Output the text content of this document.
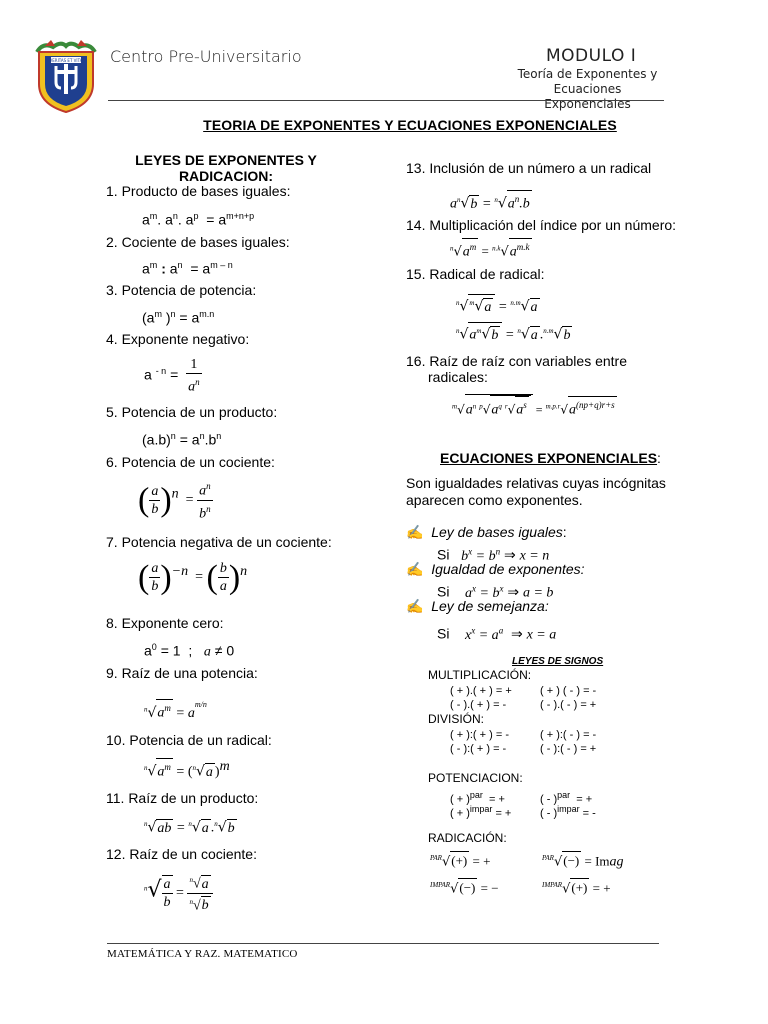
VERITAS ET VITA Centro Pre-Universitario	MODULO I
Teoría de Exponentes y
Ecuaciones Exponenciales
TEORIA DE EXPONENTES Y ECUACIONES EXPONENCIALES
LEYES DE EXPONENTES Y
RADICACION:
1. Producto de bases iguales:
$a^m$. $a^n$. $a^p = a^{m+n+p}$
2. Cociente de bases iguales:
$a^m$ : $a^n = a^{m - n}$
3. Potencia de potencia:
($a^m$ )$^n = a^{m.n}$
4. Exponente negativo:
a $^{- n} = \frac{1}{a^n}$
5. Potencia de un producto:
$(a.b)^n = a^n.b^n$
6. Potencia de un cociente:
( $\frac{a}{b} )^n = \frac{a^n}{b^n}$
7. Potencia negativa de un cociente:
( $\frac{a}{b} )^{-n}$  = ( $\frac{b}{a} )^n$
8. Exponente cero:
$a^0 = 1$  ;   a ≠ 0
9. Raíz de una potencia:
$^n√a^m = a^{m/n}$
10. Potencia de un radical:
$^n√a^m = (^n√a$ )$^m$
11. Raíz de un producto:
$^n$√ab = $^n$√a .$^n$√b
12. Raíz de un cociente:
$^n√ \frac{a}{b} = \frac{^n√a}{^n√b}$
13. Inclusión de un número a un radical
$a^n√b = ^n√a^n.b$
14. Multiplicación del índice por un número:
$^n√a^m = ^{n.k}√a^{m.k}$
15. Radical de radical:
$^n$√$^m$√a = $^{n.m}$√a
$^n√a^m√b = ^n√a$ .$^{n.m}$√b
16. Raíz de raíz con variables entre
radicales:
$^m√a^n$ $^p√a^q$ $^r√a^s = ^{m.p.r}√a^{(np+q)r+s}$
ECUACIONES EXPONENCIALES:
Son igualdades relativas cuyas incógnitas
aparecen como exponentes.
✍ Ley de bases iguales:
Si $b^x = b^n$ ⇒ x = n
✍ Igualdad de exponentes:
Si $a^x = b^x$ ⇒ a = b
✍ Ley de semejanza:
Si $x^x = a^a$  ⇒ x = a
LEYES DE SIGNOS
MULTIPLICACIÓN:
( + ).( + ) = +	( + ) ( - ) = -
( - ).( + ) = -	( - ).( - ) = +
DIVISIÓN:
( + ):( + ) = -	( + ):( - ) = -
( - ):( + ) = -	( - ):( - ) = +
POTENCIACION:
( + )$^{par}$  = +	( - )$^{par}$  = +
( + )$^{impar}$ = +	( - )$^{impar}$ = -
RADICACIÓN:
$^{PAR}$√(+) = +	$^{PAR}$√(−) = Imag
$^{IMPAR}$√(−) = −	$^{IMPAR}$√(+) = +
MATEMÁTICA Y RAZ. MATEMATICO
